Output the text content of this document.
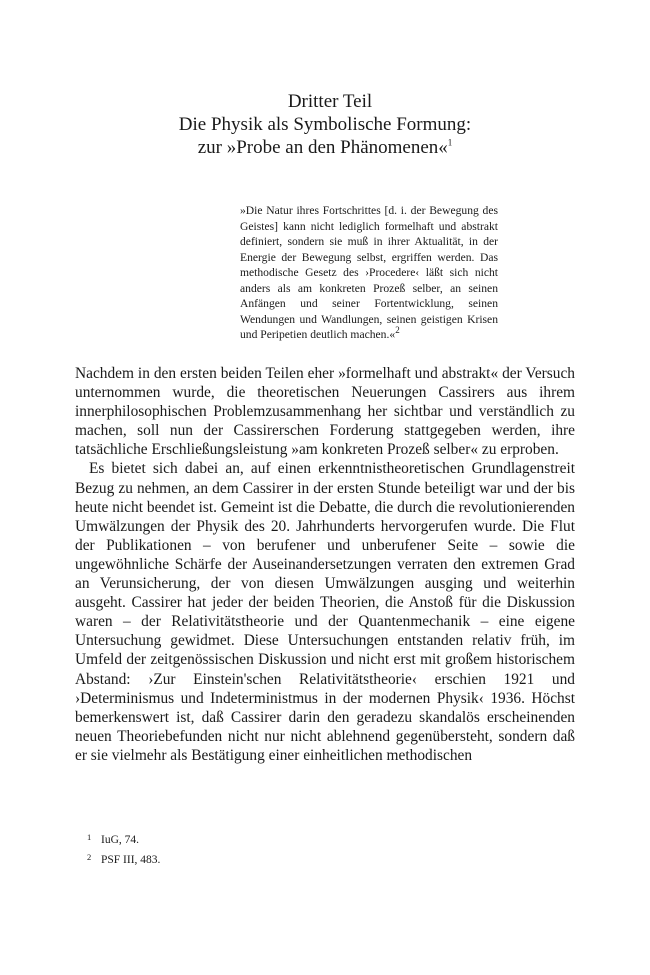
Dritter Teil
Die Physik als Symbolische Formung:
zur »Probe an den Phänomenen«$^1$
»Die Natur ihres Fortschrittes [d. i. der Bewegung des Geistes] kann nicht lediglich formelhaft und abstrakt definiert, sondern sie muß in ihrer Aktualität, in der Energie der Bewegung selbst, ergriffen werden. Das methodische Gesetz des ›Procedere‹ läßt sich nicht anders als am konkreten Prozeß selber, an seinen Anfängen und seiner Fortentwicklung, seinen Wendungen und Wandlungen, seinen geistigen Krisen und Peripetien deutlich machen.«$^2$

Nachdem in den ersten beiden Teilen eher »formelhaft und abstrakt« der Versuch unternommen wurde, die theoretischen Neuerungen Cassirers aus ihrem innerphilosophischen Problemzusammenhang her sichtbar und verständlich zu machen, soll nun der Cassirerschen Forderung stattgegeben werden, ihre tatsächliche Erschließungsleistung »am konkreten Prozeß selber« zu erproben.

Es bietet sich dabei an, auf einen erkenntnistheoretischen Grundlagenstreit Bezug zu nehmen, an dem Cassirer in der ersten Stunde beteiligt war und der bis heute nicht beendet ist. Gemeint ist die Debatte, die durch die revolutionierenden Umwälzungen der Physik des 20. Jahrhunderts hervorgerufen wurde. Die Flut der Publikationen – von berufener und unberufener Seite – sowie die ungewöhnliche Schärfe der Auseinandersetzungen verraten den extremen Grad an Verunsicherung, der von diesen Umwälzungen ausging und weiterhin ausgeht. Cassirer hat jeder der beiden Theorien, die Anstoß für die Diskussion waren – der Relativitätstheorie und der Quantenmechanik – eine eigene Untersuchung gewidmet. Diese Untersuchungen entstanden relativ früh, im Umfeld der zeitgenössischen Diskussion und nicht erst mit großem historischem Abstand: ›Zur Einstein'schen Relativitätstheorie‹ erschien 1921 und ›Determinismus und Indeterministmus in der modernen Physik‹ 1936. Höchst bemerkenswert ist, daß Cassirer darin den geradezu skandalös erscheinenden neuen Theoriebefunden nicht nur nicht ablehnend gegenübersteht, sondern daß er sie vielmehr als Bestätigung einer einheitlichen methodischen

1 IuG, 74.
2 PSF III, 483.
